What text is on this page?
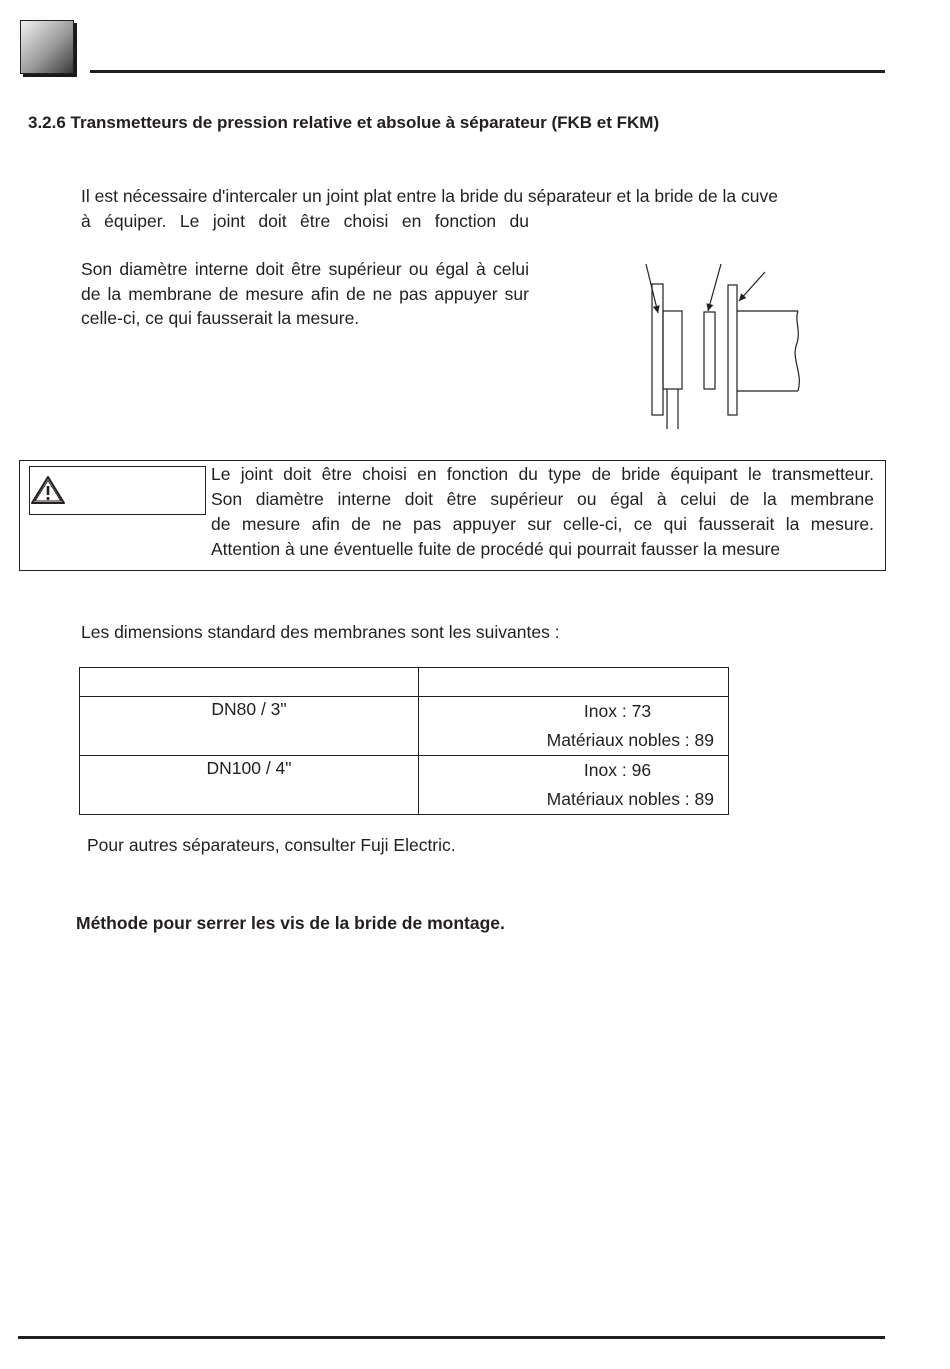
3.2.6 Transmetteurs de pression relative et absolue à séparateur (FKB et FKM)
Il est nécessaire d'intercaler un joint plat entre la bride du séparateur et la bride de la cuve
à équiper. Le joint doit être choisi en fonction du
Son diamètre interne doit être supérieur ou égal à celui de la membrane de mesure afin de ne pas appuyer sur celle-ci, ce qui fausserait la mesure.
Le joint doit être choisi en fonction du type de bride équipant le transmetteur.
Son diamètre interne doit être supérieur ou égal à celui de la membrane
de mesure afin de ne pas appuyer sur celle-ci, ce qui fausserait la mesure.
Attention à une éventuelle fuite de procédé qui pourrait fausser la mesure
Les dimensions standard des membranes sont les suivantes :

DN80 / 3"	Inox : 73
Matériaux nobles : 89

DN100 / 4"	Inox : 96
Matériaux nobles : 89
Pour autres séparateurs, consulter Fuji Electric.
Méthode pour serrer les vis de la bride de montage.
